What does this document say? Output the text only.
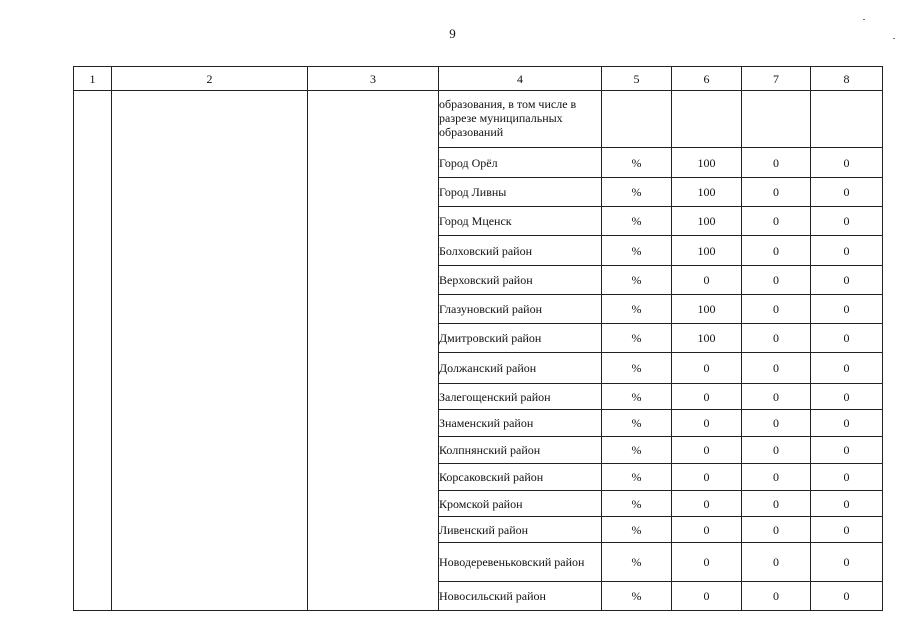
9
1	2	3	4	5	6	7	8
			образования, в том числе в разрезе муниципальных образований				
			Город Орёл	%	100	0	0
			Город Ливны	%	100	0	0
			Город Мценск	%	100	0	0
			Болховский район	%	100	0	0
			Верховский район	%	0	0	0
			Глазуновский район	%	100	0	0
			Дмитровский район	%	100	0	0
			Должанский район	%	0	0	0
			Залегощенский район	%	0	0	0
			Знаменский район	%	0	0	0
			Колпнянский район	%	0	0	0
			Корсаковский район	%	0	0	0
			Кромской район	%	0	0	0
			Ливенский район	%	0	0	0
			Новодеревеньковский район	%	0	0	0
			Новосильский район	%	0	0	0
